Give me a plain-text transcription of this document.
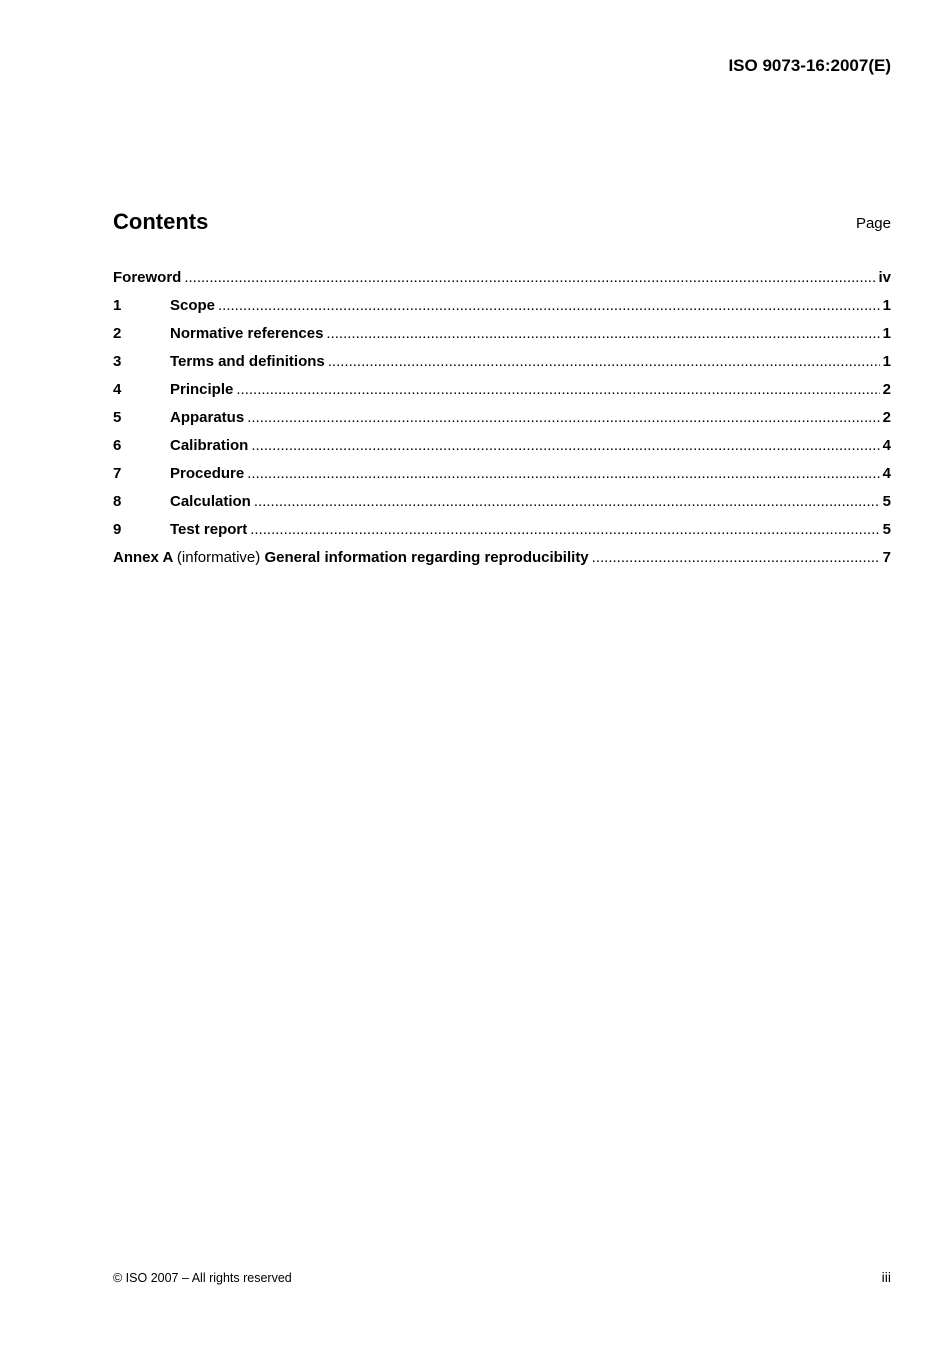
ISO 9073-16:2007(E)
Contents	Page
Foreword .....	iv
1	Scope .....	1
2	Normative references .....	1
3	Terms and definitions .....	1
4	Principle .....	2
5	Apparatus .....	2
6	Calibration .....	4
7	Procedure .....	4
8	Calculation .....	5
9	Test report .....	5
Annex A (informative) General information regarding reproducibility .....	7
© ISO 2007 – All rights reserved	iii
